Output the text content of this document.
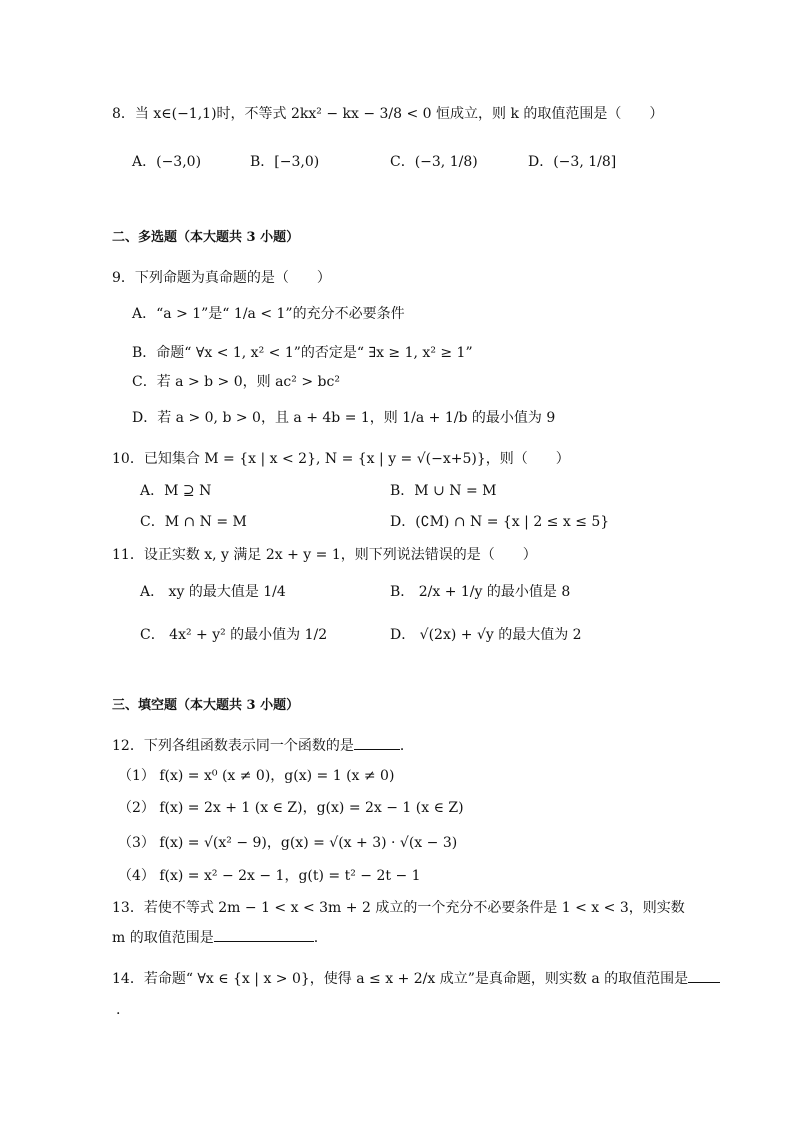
8．当 x∈(−1,1)时，不等式 2kx² − kx − 3/8 < 0 恒成立，则 k 的取值范围是（　　）
A．(−3,0)	B．[−3,0)	C．(−3, 1/8)	D．(−3, 1/8]
二、多选题（本大题共 3 小题）
9．下列命题为真命题的是（　　）
A．“a > 1”是“ 1/a < 1”的充分不必要条件
B．命题“ ∀x < 1, x² < 1”的否定是“ ∃x ≥ 1, x² ≥ 1”
C．若 a > b > 0，则 ac² > bc²
D．若 a > 0, b > 0，且 a + 4b = 1，则 1/a + 1/b 的最小值为 9
10．已知集合 M = {x | x < 2}, N = {x | y = √(−x+5)}，则（　　）
A．M ⊇ N	B．M ∪ N = M
C．M ∩ N = M	D．(∁M) ∩ N = {x | 2 ≤ x ≤ 5}
11．设正实数 x, y 满足 2x + y = 1，则下列说法错误的是（　　）
A． xy 的最大值是 1/4	B． 2/x + 1/y 的最小值是 8
C． 4x² + y² 的最小值为 1/2	D． √(2x) + √y 的最大值为 2
三、填空题（本大题共 3 小题）
12．下列各组函数表示同一个函数的是	．
（1） f(x) = x⁰ (x ≠ 0)，g(x) = 1 (x ≠ 0)
（2） f(x) = 2x + 1 (x ∈ Z)，g(x) = 2x − 1 (x ∈ Z)
（3） f(x) = √(x² − 9)，g(x) = √(x + 3) · √(x − 3)
（4） f(x) = x² − 2x − 1，g(t) = t² − 2t − 1
13．若使不等式 2m − 1 < x < 3m + 2 成立的一个充分不必要条件是 1 < x < 3，则实数
m 的取值范围是	.
14．若命题“ ∀x ∈ {x | x > 0}，使得 a ≤ x + 2/x 成立”是真命题，则实数 a 的取值范围是
.
